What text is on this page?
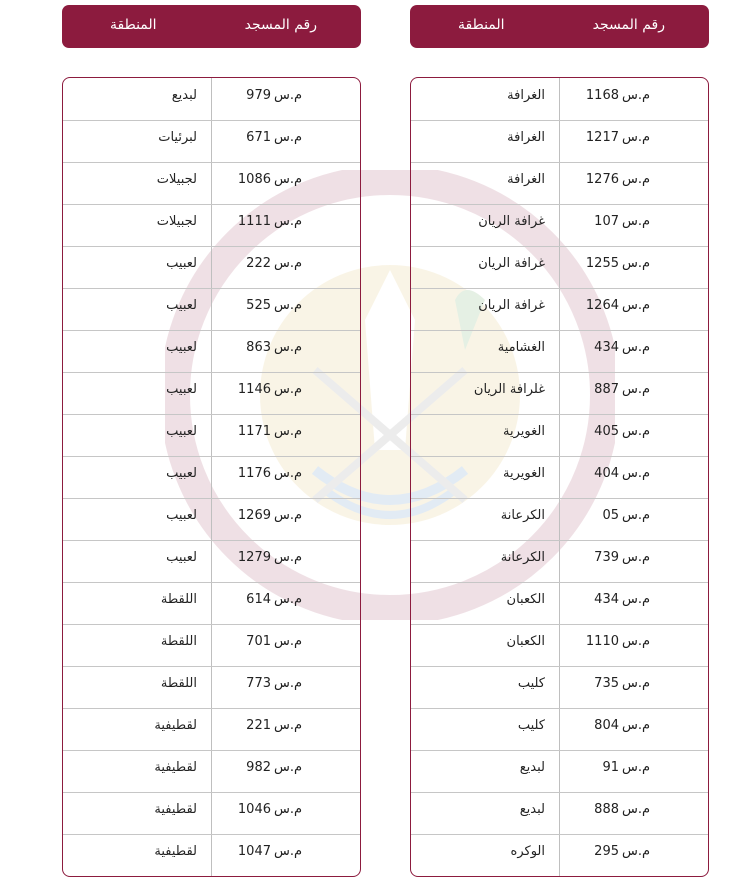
رقم المسجد
المنطقة	رقم المسجد
المنطقة
م.س
979
لبديع
م.س
671
لبرئيات
م.س
1086
لجبيلات
م.س
1111
لجبيلات
م.س
222
لعبيب
م.س
525
لعبيب
م.س
863
لعبيب
م.س
1146
لعبيب
م.س
1171
لعبيب
م.س
1176
لعبيب
م.س
1269
لعبيب
م.س
1279
لعبيب
م.س
614
اللقطة
م.س
701
اللقطة
م.س
773
اللقطة
م.س
221
لقطيفية
م.س
982
لقطيفية
م.س
1046
لقطيفية
م.س
1047
لقطيفية
م.س
1168
الغرافة
م.س
1217
الغرافة
م.س
1276
الغرافة
م.س
107
غرافة الريان
م.س
1255
غرافة الريان
م.س
1264
غرافة الريان
م.س
434
الغشامية
م.س
887
غلرافة الريان
م.س
405
الغويرية
م.س
404
الغويرية
م.س
05
الكرعانة
م.س
739
الكرعانة
م.س
434
الكعبان
م.س
1110
الكعبان
م.س
735
كليب
م.س
804
كليب
م.س
91
لبديع
م.س
888
لبديع
م.س
295
الوكره
